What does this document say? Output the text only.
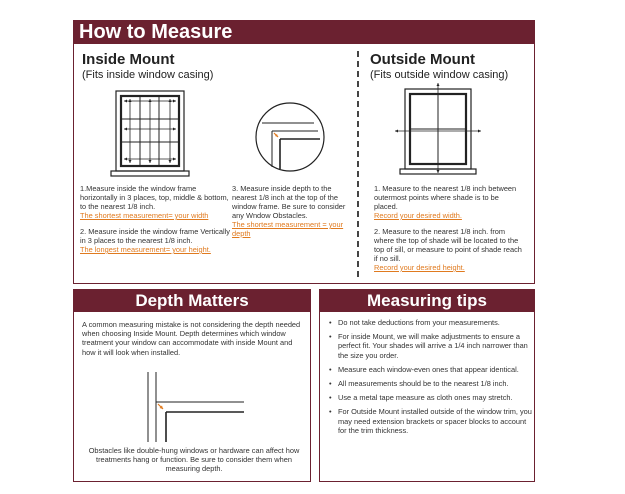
How to Measure
Inside Mount
(Fits inside window casing)
1.Measure inside the window frame horizontally in 3 places, top, middle & bottom, to the nearest 1/8 inch.
The shortest measurement= your width
2. Measure inside the window frame Vertically in 3 places to the nearest 1/8 inch.
The longest measurement= your height.
3. Measure inside depth to the nearest 1/8 inch at the top of the window frame. Be sure to consider any Wndow Obstacles.
The shortest measurement = your depth
Outside Mount
(Fits outside window casing)
1. Measure to the nearest 1/8 inch between outermost points where shade is to be placed.
Record your desired width.
2. Measure to the nearest 1/8 inch. from where the top of shade will be located to the top of sill, or measure to point of shade reach if no sill.
Record your desired height.
Depth Matters
A common measuring mistake is not considering the depth needed when choosing Inside Mount. Depth determines which window treatment your window can accommodate with inside Mount and how it will look when installed.
Obstacles like double-hung windows or hardware can affect how treatments hang or function. Be sure to consider them when measuring depth.
Measuring tips
• Do not take deductions from your measurements.
• For inside Mount, we will make adjustments to ensure a perfect fit. Your shades will arrive a 1/4 inch narrower than the size you order.
• Measure each window-even ones that appear identical.
• All measurements should be to the nearest 1/8 inch.
• Use a metal tape measure as cloth ones may stretch.
• For Outside Mount installed outside of the window trim, you may need extension brackets or spacer blocks to account for the trim thickness.
